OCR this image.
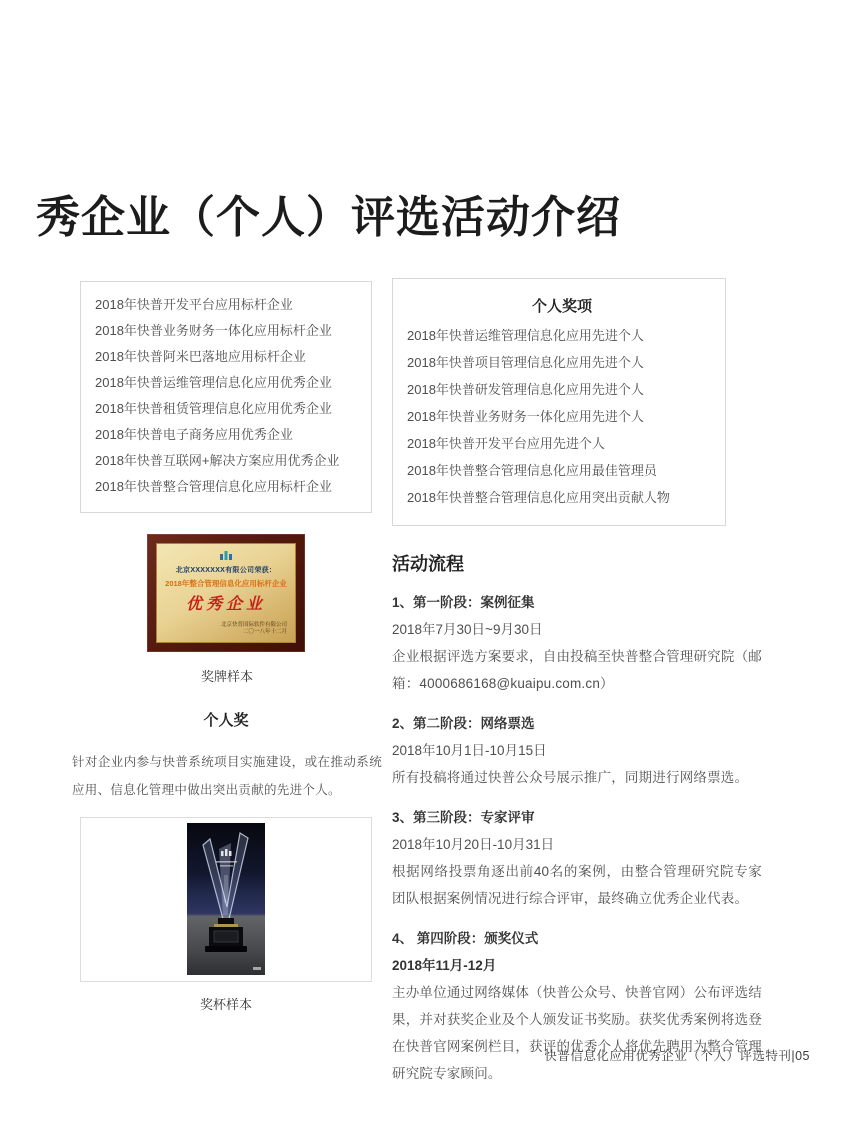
秀企业（个人）评选活动介绍
2018年快普开发平台应用标杆企业
2018年快普业务财务一体化应用标杆企业
2018年快普阿米巴落地应用标杆企业
2018年快普运维管理信息化应用优秀企业
2018年快普租赁管理信息化应用优秀企业
2018年快普电子商务应用优秀企业
2018年快普互联网+解决方案应用优秀企业
2018年快普整合管理信息化应用标杆企业
北京XXXXXXX有限公司荣获：
2018年整合管理信息化应用标杆企业
优秀企业
北京快普国际软件有限公司
二〇一八年十二月
奖牌样本
个人奖

针对企业内参与快普系统项目实施建设，或在推动系统应用、信息化管理中做出突出贡献的先进个人。

奖杯样本
个人奖项
2018年快普运维管理信息化应用先进个人
2018年快普项目管理信息化应用先进个人
2018年快普研发管理信息化应用先进个人
2018年快普业务财务一体化应用先进个人
2018年快普开发平台应用先进个人
2018年快普整合管理信息化应用最佳管理员
2018年快普整合管理信息化应用突出贡献人物
活动流程
1、第一阶段：案例征集
2018年7月30日~9月30日
企业根据评选方案要求，自由投稿至快普整合管理研究院（邮箱：4000686168@kuaipu.com.cn）
2、第二阶段：网络票选
2018年10月1日-10月15日
所有投稿将通过快普公众号展示推广，同期进行网络票选。
3、第三阶段：专家评审
2018年10月20日-10月31日
根据网络投票角逐出前40名的案例，由整合管理研究院专家团队根据案例情况进行综合评审，最终确立优秀企业代表。
4、 第四阶段：颁奖仪式
2018年11月-12月
主办单位通过网络媒体（快普公众号、快普官网）公布评选结果，并对获奖企业及个人颁发证书奖励。获奖优秀案例将选登在快普官网案例栏目，获评的优秀个人将优先聘用为整合管理研究院专家顾问。
快普信息化应用优秀企业（个人）评选特刊|05
